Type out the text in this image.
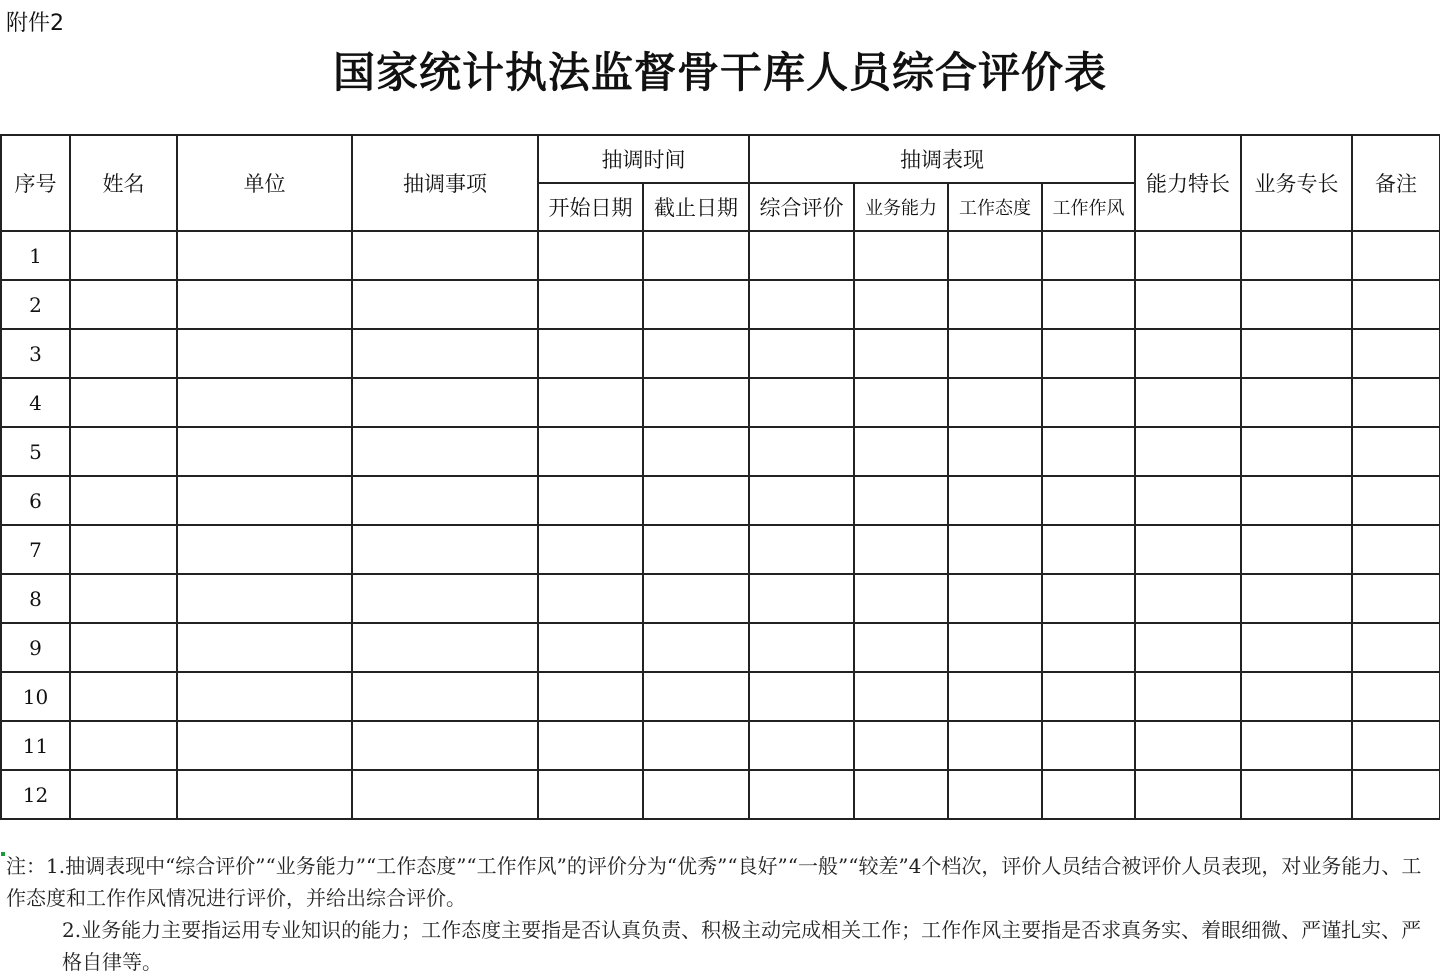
附件2
国家统计执法监督骨干库人员综合评价表
序号	姓名	单位	抽调事项	抽调时间		抽调表现				能力特长	业务专长	备注
				开始日期	截止日期	综合评价	业务能力	工作态度	工作作风			
1												
2												
3												
4												
5												
6												
7												
8												
9												
10												
11												
12												

注：1.抽调表现中“综合评价”“业务能力”“工作态度”“工作作风”的评价分为“优秀”“良好”“一般”“较差”4个档次，评价人员结合被评价人员表现，对业务能力、工作态度和工作作风情况进行评价，并给出综合评价。

2.业务能力主要指运用专业知识的能力；工作态度主要指是否认真负责、积极主动完成相关工作；工作作风主要指是否求真务实、着眼细微、严谨扎实、严格自律等。
